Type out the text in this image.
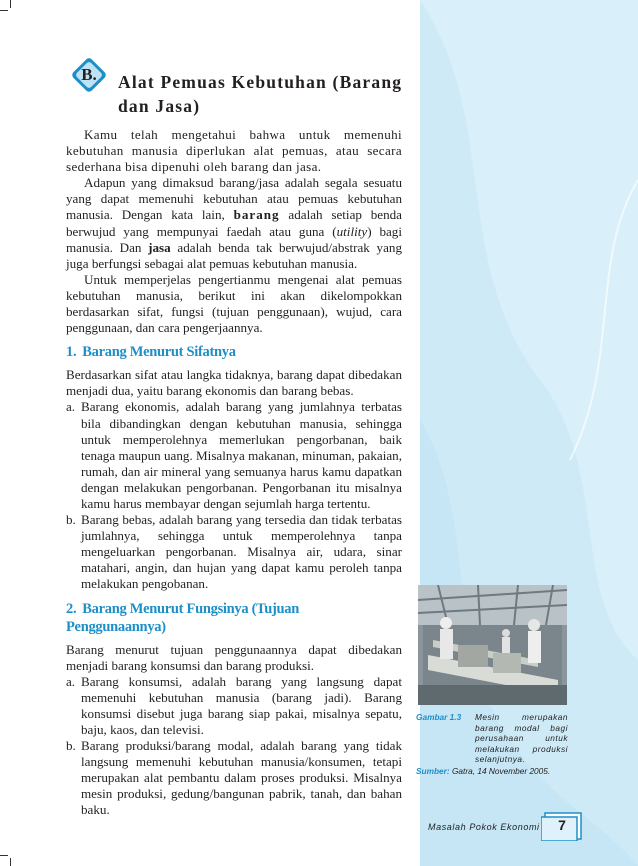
B.	Alat Pemuas Kebutuhan (Barang dan Jasa)

Kamu telah mengetahui bahwa untuk memenuhi kebutuhan manusia diperlukan alat pemuas, atau secara sederhana bisa dipenuhi oleh barang dan jasa.

Adapun yang dimaksud barang/jasa adalah segala sesuatu yang dapat memenuhi kebutuhan atau pemuas kebutuhan manusia. Dengan kata lain, barang adalah setiap benda berwujud yang mempunyai faedah atau guna (utility) bagi manusia. Dan jasa adalah benda tak berwujud/abstrak yang juga berfungsi sebagai alat pemuas kebutuhan manusia.

Untuk memperjelas pengertianmu mengenai alat pemuas kebutuhan manusia, berikut ini akan dikelompokkan berdasarkan sifat, fungsi (tujuan penggunaan), wujud, cara penggunaan, dan cara pengerjaannya.

1. Barang Menurut Sifatnya

Berdasarkan sifat atau langka tidaknya, barang dapat dibedakan menjadi dua, yaitu barang ekonomis dan barang bebas.

a. Barang ekonomis, adalah barang yang jumlahnya terbatas bila dibandingkan dengan kebutuhan manusia, sehingga untuk memperolehnya memerlukan pengorbanan, baik tenaga maupun uang. Misalnya makanan, minuman, pakaian, rumah, dan air mineral yang semuanya harus kamu dapatkan dengan melakukan pengorbanan. Pengorbanan itu misalnya kamu harus membayar dengan sejumlah harga tertentu.
b. Barang bebas, adalah barang yang tersedia dan tidak terbatas jumlahnya, sehingga untuk memperolehnya tanpa mengeluarkan pengorbanan. Misalnya air, udara, sinar matahari, angin, dan hujan yang dapat kamu peroleh tanpa melakukan pengobanan.
2. Barang Menurut Fungsinya (Tujuan Penggunaannya)

Barang menurut tujuan penggunaannya dapat dibedakan menjadi barang konsumsi dan barang produksi.

a. Barang konsumsi, adalah barang yang langsung dapat memenuhi kebutuhan manusia (barang jadi). Barang konsumsi disebut juga barang siap pakai, misalnya sepatu, baju, kaos, dan televisi.
b. Barang produksi/barang modal, adalah barang yang tidak langsung memenuhi kebutuhan manusia/konsumen, tetapi merupakan alat pembantu dalam proses produksi. Misalnya mesin produksi, gedung/bangunan pabrik, tanah, dan bahan baku.
Gambar 1.3	Mesin merupakan barang modal bagi perusahaan untuk melakukan produksi selanjutnya.
Sumber: Gatra, 14 November 2005.
Masalah Pokok Ekonomi	7
